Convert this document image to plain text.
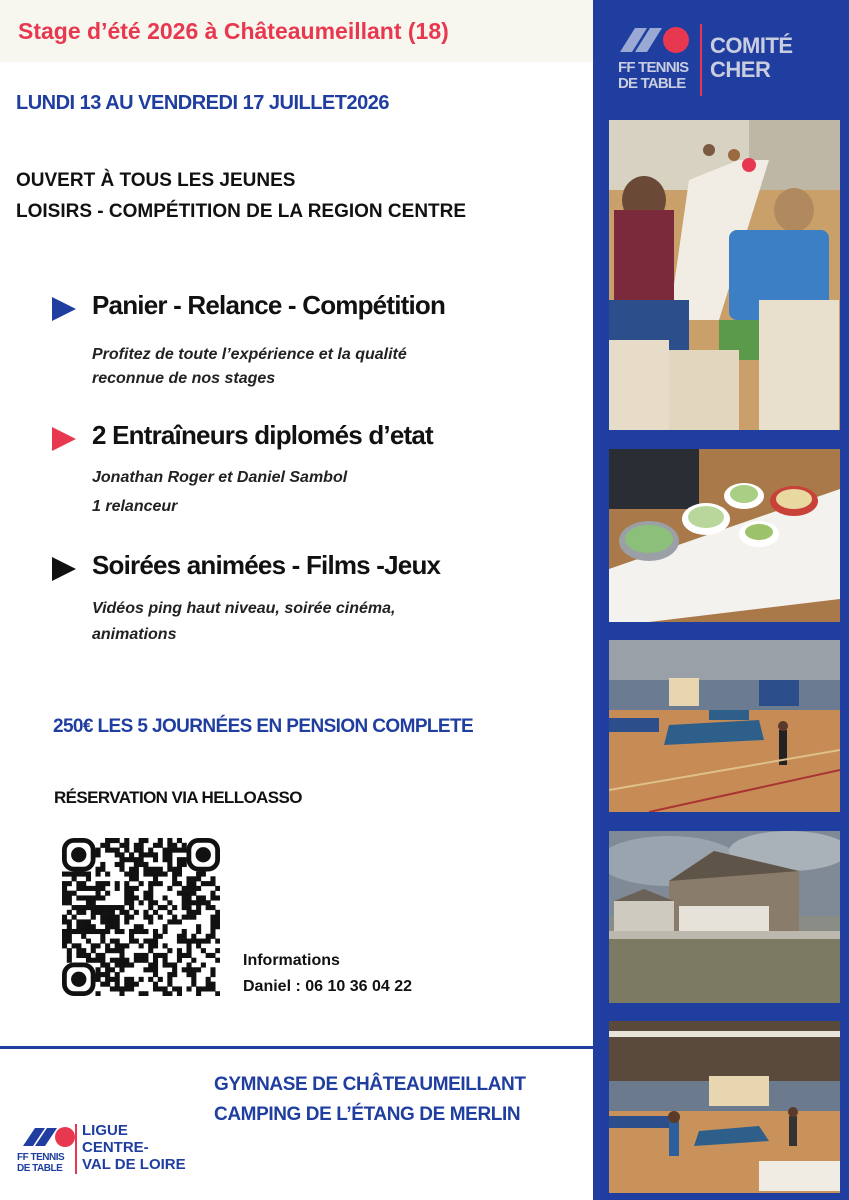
Stage d’été 2026 à Châteaumeillant (18)
LUNDI 13 AU VENDREDI 17 JUILLET2026
OUVERT À TOUS LES JEUNES
LOISIRS - COMPÉTITION DE LA REGION CENTRE
Panier - Relance - Compétition
Profitez de toute l’expérience et la qualité
reconnue de nos stages
2 Entraîneurs diplomés d’etat
Jonathan Roger et Daniel Sambol
1 relanceur
Soirées animées - Films -Jeux
Vidéos ping haut niveau, soirée cinéma,
animations
250€ LES 5 JOURNÉES EN PENSION COMPLETE
RÉSERVATION VIA HELLOASSO
Informations
Daniel : 06 10 36 04 22
GYMNASE DE CHÂTEAUMEILLANT
CAMPING DE L’ÉTANG DE MERLIN
FF TENNIS
DE TABLE
LIGUE
CENTRE-
VAL DE LOIRE
FF TENNIS
DE TABLE
COMITÉ
CHER
